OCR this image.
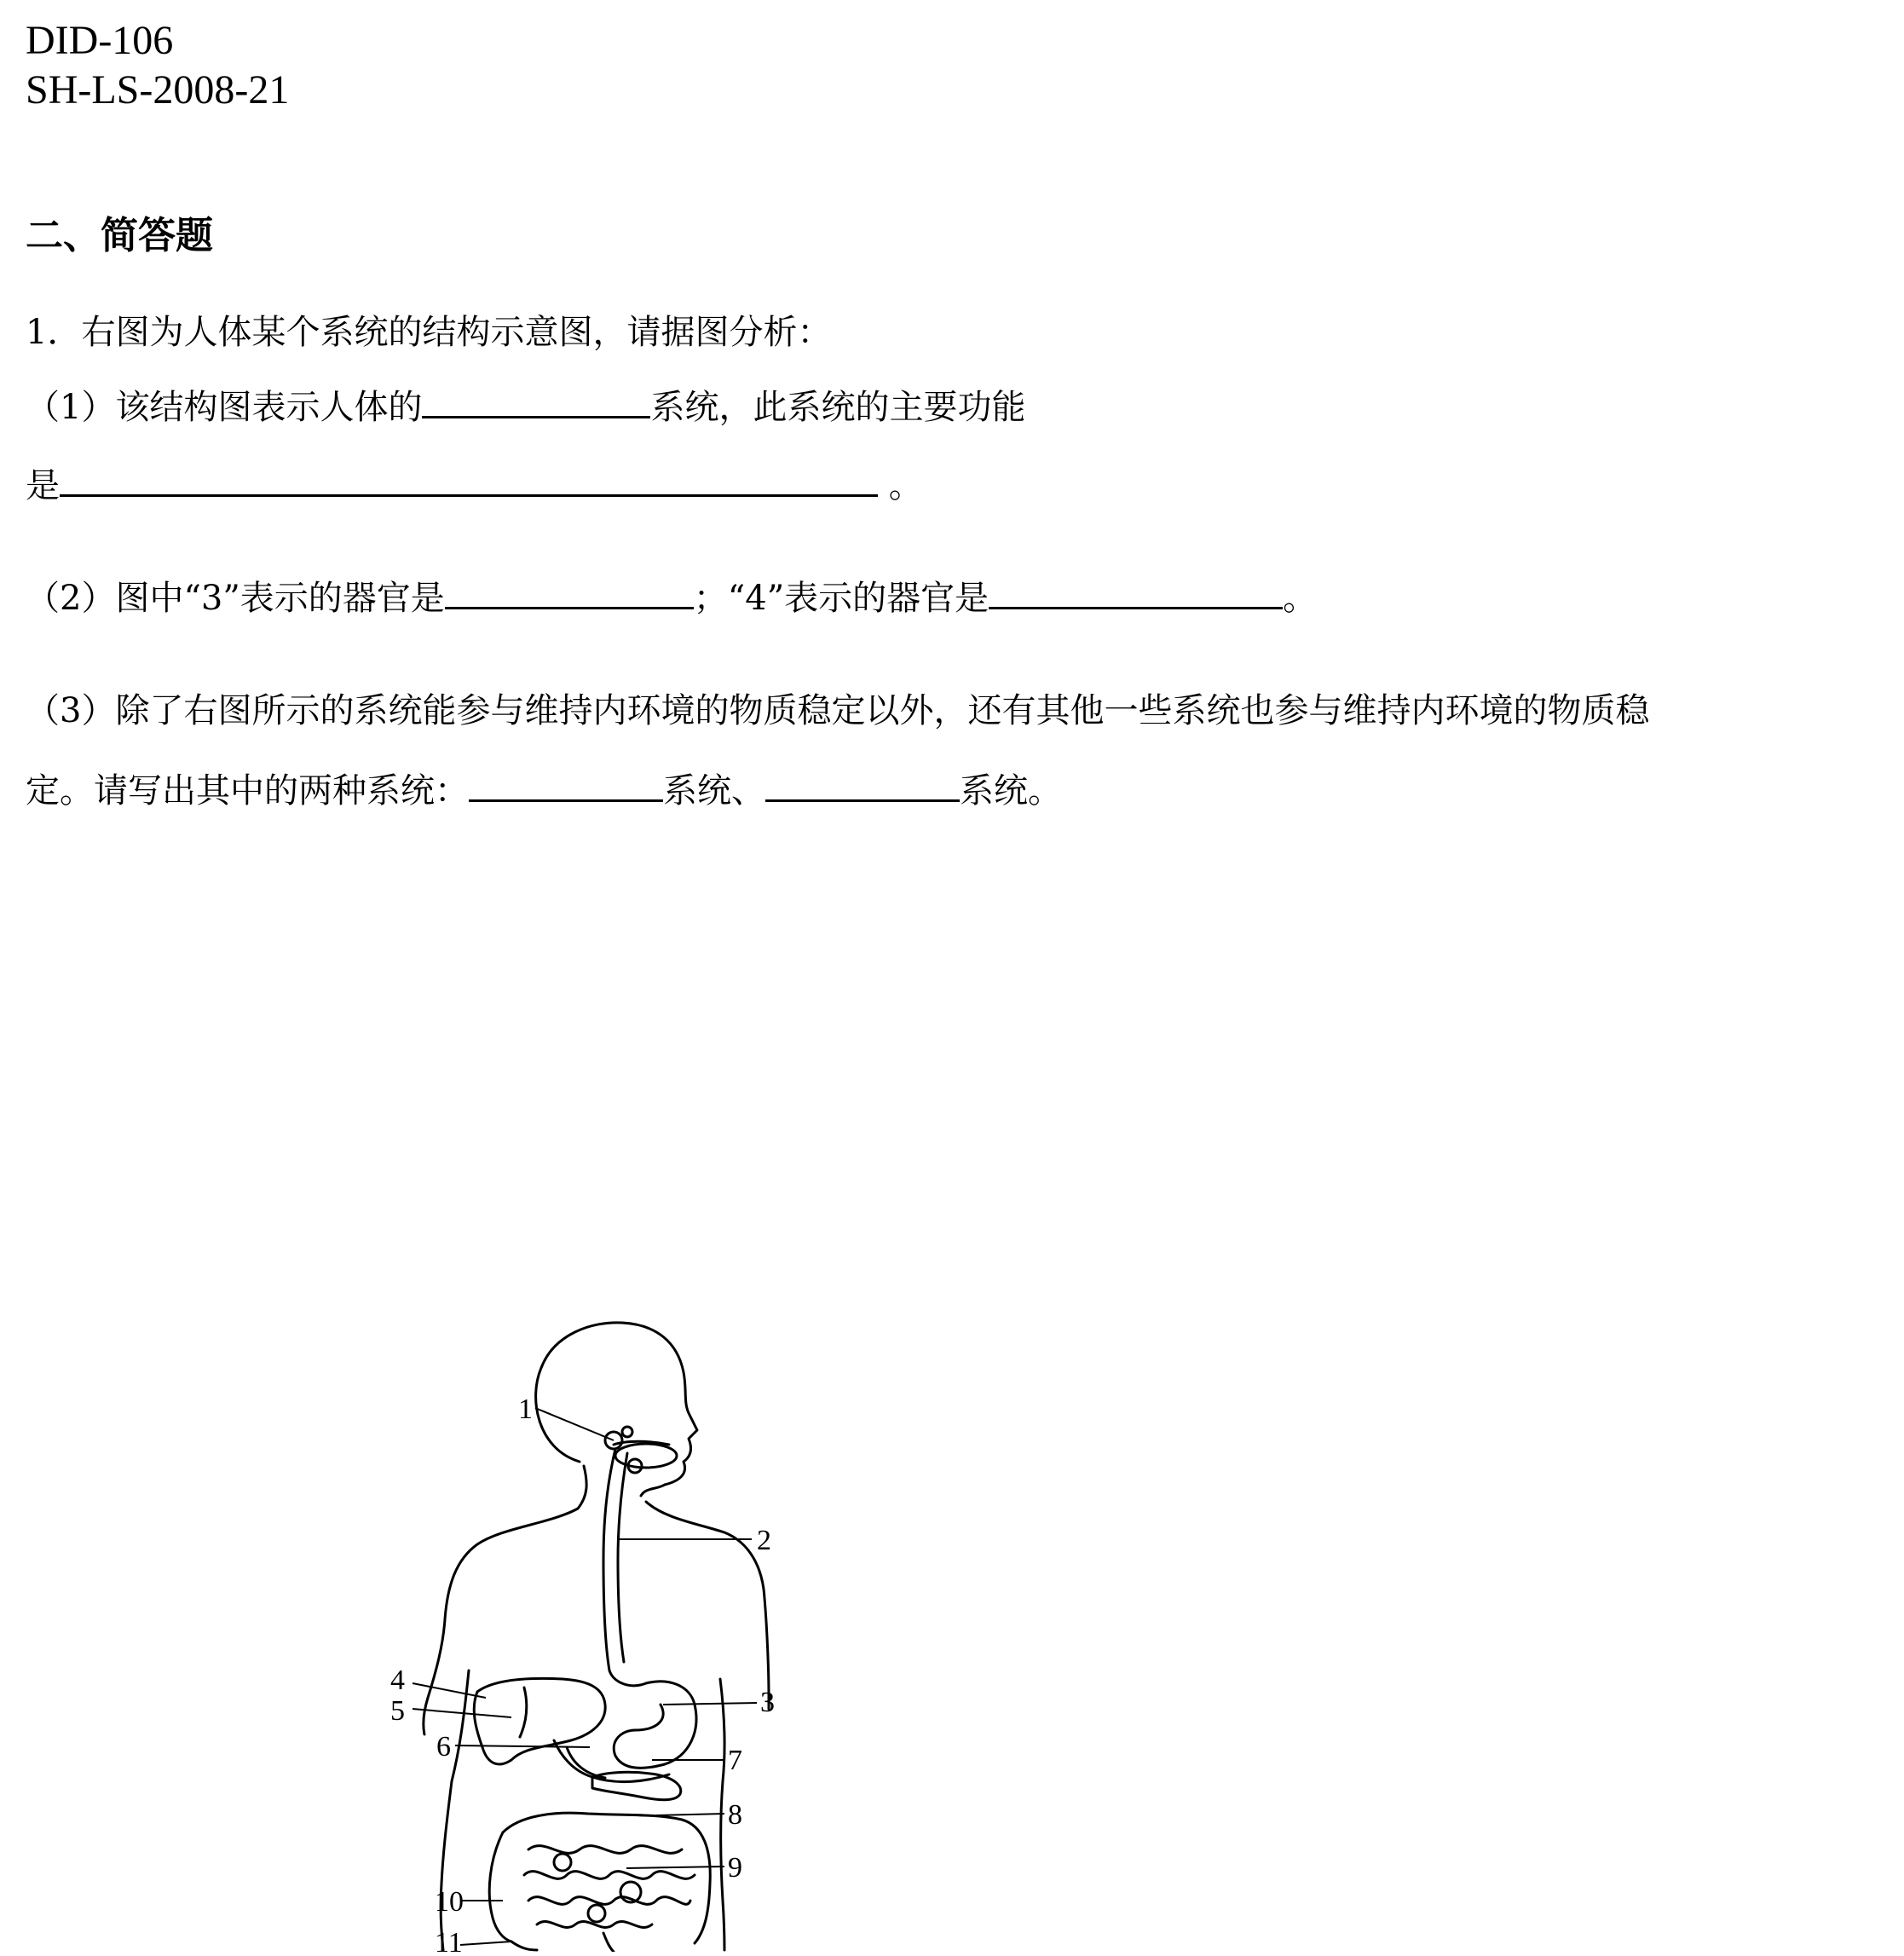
DID-106
SH-LS-2008-21
二、简答题
1．右图为人体某个系统的结构示意图，请据图分析：
（1）该结构图表示人体的	系统，此系统的主要功能
是	。
（2）图中“3”表示的器官是	；“4”表示的器官是	。
（3）除了右图所示的系统能参与维持内环境的物质稳定以外，还有其他一些系统也参与维持内环境的物质稳
定。请写出其中的两种系统：	系统、	系统。
1
2
3
4
5
6	7
8
9
10
11
